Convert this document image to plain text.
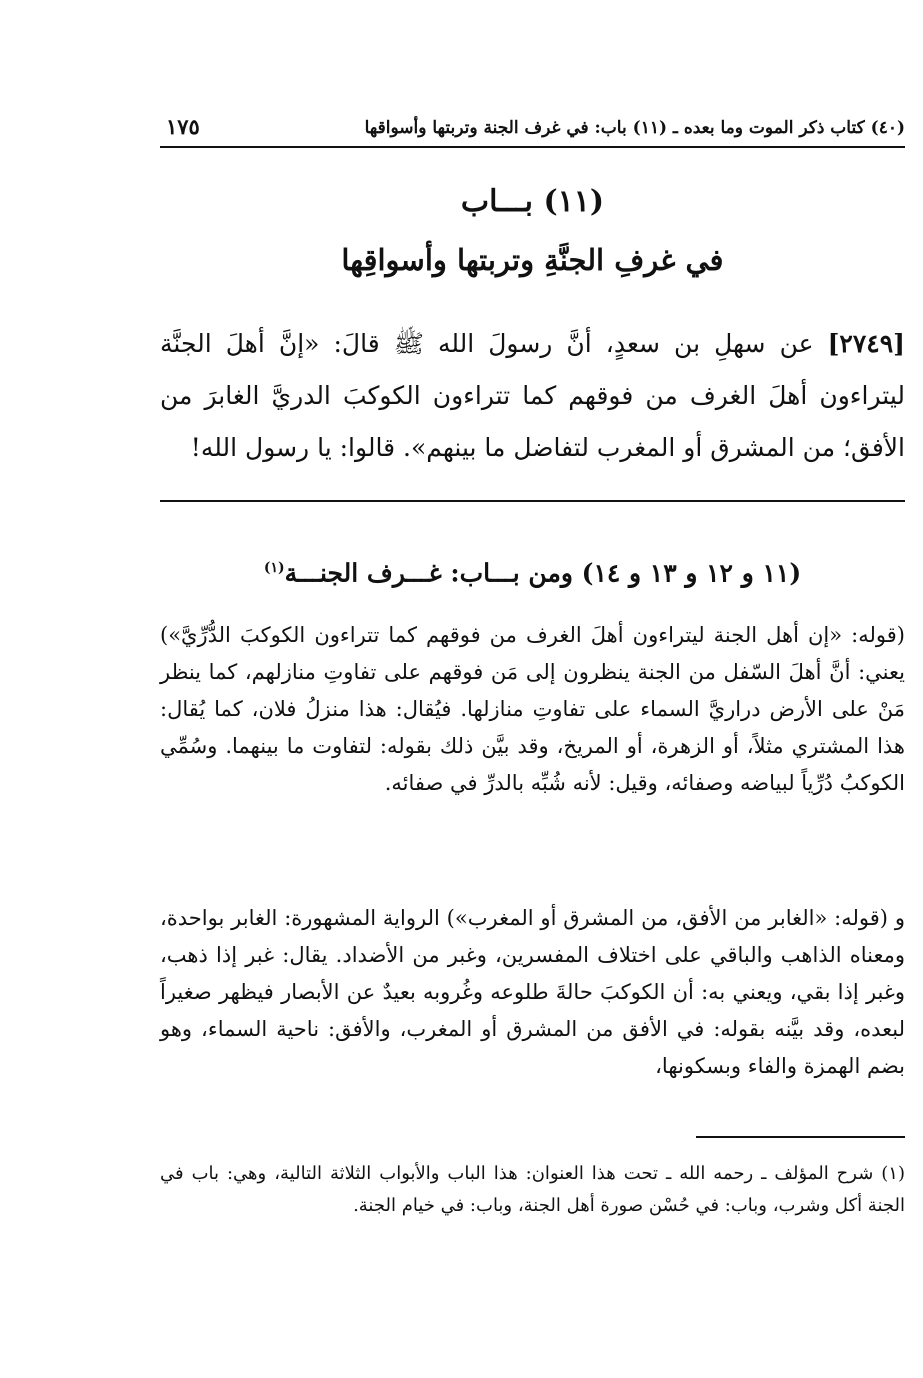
(٤٠) كتاب ذكر الموت وما بعده ـ (١١) باب: في غرف الجنة وتربتها وأسواقها
١٧٥
(١١) بـــاب
في غرفِ الجنَّةِ وتربتها وأسواقِها

[٢٧٤٩] عن سهلِ بن سعدٍ، أنَّ رسولَ الله ﷺ قالَ: «إنَّ أهلَ الجنَّة ليتراءون أهلَ الغرف من فوقهم كما تتراءون الكوكبَ الدريَّ الغابرَ من الأفق؛ من المشرق أو المغرب لتفاضل ما بينهم». قالوا: يا رسول الله!

(١١ و ١٢ و ١٣ و ١٤) ومن بـــاب: غـــرف الجنـــة$^{(١)}$

(قوله: «إن أهل الجنة ليتراءون أهلَ الغرف من فوقهم كما تتراءون الكوكبَ الدُّرِّيَّ») يعني: أنَّ أهلَ السّفل من الجنة ينظرون إلى مَن فوقهم على تفاوتِ منازلهم، كما ينظر مَنْ على الأرض دراريَّ السماء على تفاوتِ منازلها. فيُقال: هذا منزلُ فلان، كما يُقال: هذا المشتري مثلاً، أو الزهرة، أو المريخ، وقد بيَّن ذلك بقوله: لتفاوت ما بينهما. وسُمِّي الكوكبُ دُرِّياً لبياضه وصفائه، وقيل: لأنه شُبِّه بالدرِّ في صفائه.

و (قوله: «الغابر من الأفق، من المشرق أو المغرب») الرواية المشهورة: الغابر بواحدة، ومعناه الذاهب والباقي على اختلاف المفسرين، وغبر من الأضداد. يقال: غبر إذا ذهب، وغبر إذا بقي، ويعني به: أن الكوكبَ حالةَ طلوعه وغُروبه بعيدٌ عن الأبصار فيظهر صغيراً لبعده، وقد بيَّنه بقوله: في الأفق من المشرق أو المغرب، والأفق: ناحية السماء، وهو بضم الهمزة والفاء وبسكونها،

(١) شرح المؤلف ـ رحمه الله ـ تحت هذا العنوان: هذا الباب والأبواب الثلاثة التالية، وهي: باب في الجنة أكل وشرب، وباب: في حُسْن صورة أهل الجنة، وباب: في خيام الجنة.
